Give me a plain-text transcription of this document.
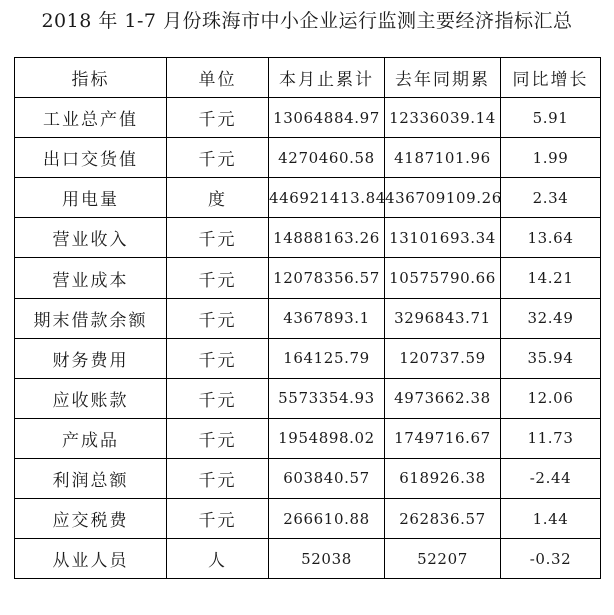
2018 年 1-7 月份珠海市中小企业运行监测主要经济指标汇总
指标	单位	本月止累计	去年同期累	同比增长
工业总产值	千元	13064884.97	12336039.14	5.91
出口交货值	千元	4270460.58	4187101.96	1.99
用电量	度	446921413.84	436709109.26	2.34
营业收入	千元	14888163.26	13101693.34	13.64
营业成本	千元	12078356.57	10575790.66	14.21
期末借款余额	千元	4367893.1	3296843.71	32.49
财务费用	千元	164125.79	120737.59	35.94
应收账款	千元	5573354.93	4973662.38	12.06
产成品	千元	1954898.02	1749716.67	11.73
利润总额	千元	603840.57	618926.38	-2.44
应交税费	千元	266610.88	262836.57	1.44
从业人员	人	52038	52207	-0.32
